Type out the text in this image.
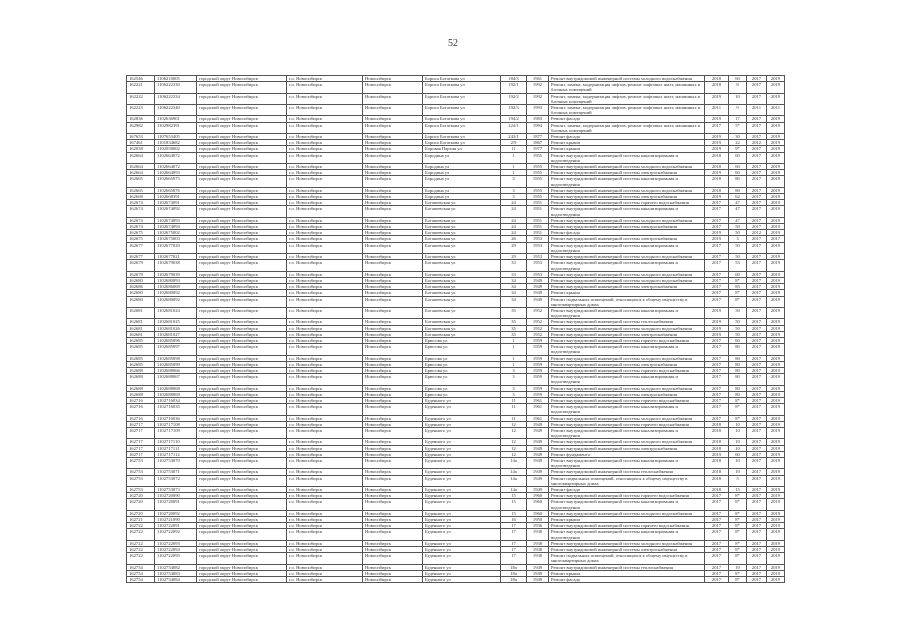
52
162546	1106210005	городской округ Новосибирск	г.о. Новосибирск	Новосибирск	Бориса Богаткова ул	184/3	1961	Ремонт внутридомовой инженерной системы холодного водоснабжения	2018	60	2017	2019
162221	1106222330	городской округ Новосибирск	г.о. Новосибирск	Новосибирск	Бориса Богаткова ул	192/1	1992	Ремонт, замена, модернизация лифтов, ремонт лифтовых шахт, машинных и блочных помещений	2018	8	2017	2019
162222	1106222334	городской округ Новосибирск	г.о. Новосибирск	Новосибирск	Бориса Богаткова ул	192/2	1992	Ремонт, замена, модернизация лифтов, ремонт лифтовых шахт, машинных и блочных помещений	2019	10	2017	2019
162223	1106222340	городской округ Новосибирск	г.о. Новосибирск	Новосибирск	Бориса Богаткова ул	192/3	1993	Ремонт, замена, модернизация лифтов, ремонт лифтовых шахт, машинных и блочных помещений	2011	9	2011	2011
162836	1102636901	городской округ Новосибирск	г.о. Новосибирск	Новосибирск	Бориса Богаткова ул	194/2	1983	Ремонт фасада	2019	17	2017	2019
162982	1102982391	городской округ Новосибирск	г.о. Новосибирск	Новосибирск	Бориса Богаткова ул	224/1	1994	Ремонт, замена, модернизация лифтов, ремонт лифтовых шахт, машинных и блочных помещений	2017	5*	2017	2019
167653	1107653405	городской округ Новосибирск	г.о. Новосибирск	Новосибирск	Бориса Богаткова ул	243/1	1877	Ремонт фасада	2019	30	2017	2019
167461	1101834682	городской округ Новосибирск	г.о. Новосибирск	Новосибирск	Бориса Богаткова ул	2/9	1867	Ремонт крыши	2019	22	2012	2019
162058	1102058002	городской округ Новосибирск	г.о. Новосибирск	Новосибирск	Боровая Партия ул	11	1977	Ремонт крыши	2019	9*	2017	2019
162664	1102664072	городской округ Новосибирск	г.о. Новосибирск	Новосибирск	Бородина ул	1	1955	Ремонт внутридомовой инженерной системы канализирования и водоотведения	2018	60	2017	2019
162664	1102664072	городской округ Новосибирск	г.о. Новосибирск	Новосибирск	Бородина ул	1	1955	Ремонт внутридомовой инженерной системы холодного водоснабжения	2018	60	2017	2019
162664	1102664093	городской округ Новосибирск	г.о. Новосибирск	Новосибирск	Бородина ул	1	1955	Ремонт внутридомовой инженерной системы электроснабжения	2019	60	2017	2019
162665	1102665075	городской округ Новосибирск	г.о. Новосибирск	Новосибирск	Бородина ул	3	1955	Ремонт внутридомовой инженерной системы канализирования и водоотведения	2018	80	2017	2019
162665	1102665076	городской округ Новосибирск	г.о. Новосибирск	Новосибирск	Бородина ул	3	1955	Ремонт внутридомовой инженерной системы холодного водоснабжения	2018	80	2017	2019
162668	1102668391	городской округ Новосибирск	г.о. Новосибирск	Новосибирск	Бородина ул	3	1955	Ремонт внутридомовой инженерной системы электроснабжения	2019	62	2017	2019
162674	1102674091	городской округ Новосибирск	г.о. Новосибирск	Новосибирск	Богашевская ул	24	1951	Ремонт внутридомовой инженерной системы горячего водоснабжения	2017	47	2017	2019
162674	1102674092	городской округ Новосибирск	г.о. Новосибирск	Новосибирск	Богашевская ул	24	1951	Ремонт внутридомовой инженерной системы канализирования и водоотведения	2017	47	2017	2019
162674	1102674093	городской округ Новосибирск	г.о. Новосибирск	Новосибирск	Богашевская ул	24	1951	Ремонт внутридомовой инженерной системы холодного водоснабжения	2017	47	2017	2019
162674	1102674094	городской округ Новосибирск	г.о. Новосибирск	Новосибирск	Богашевская ул	24	1951	Ремонт внутридомовой инженерной системы электроснабжения	2017	50	2017	2019
162675	1102675002	городской округ Новосибирск	г.о. Новосибирск	Новосибирск	Богашевская ул	24	1951	Ремонт фасада	2019	50	2012	2019
162675	1102675003	городской округ Новосибирск	г.о. Новосибирск	Новосибирск	Богашевская ул	26	1953	Ремонт внутридомовой инженерной системы электроснабжения	2019	3	2017	2017
162677	1102677020	городской округ Новосибирск	г.о. Новосибирск	Новосибирск	Богашевская ул	29	1953	Ремонт внутридомовой инженерной системы канализирования и водоотведения	2017	50	2017	2019
162677	1102677021	городской округ Новосибирск	г.о. Новосибирск	Новосибирск	Богашевская ул	29	1953	Ремонт внутридомовой инженерной системы холодного водоснабжения	2017	50	2017	2019
162679	1102679038	городской округ Новосибирск	г.о. Новосибирск	Новосибирск	Богашевская ул	33	1953	Ремонт внутридомовой инженерной системы канализирования и водоотведения	2017	53	2017	2019
162679	1102679039	городской округ Новосибирск	г.о. Новосибирск	Новосибирск	Богашевская ул	33	1953	Ремонт внутридомовой инженерной системы холодного водоснабжения	2017	60	2017	2019
162680	1102680093	городской округ Новосибирск	г.о. Новосибирск	Новосибирск	Богашевская ул	34	1949	Ремонт внутридомовой инженерной системы холодного водоснабжения	2017	8*	2017	2019
162686	1102686069	городской округ Новосибирск	г.о. Новосибирск	Новосибирск	Богашевская ул	34	1949	Ремонт внутридомовой инженерной системы электроснабжения	2017	85	2017	2019
162680	1102680092	городской округ Новосибирск	г.о. Новосибирск	Новосибирск	Богашевская ул	34	1949	Ремонт крыши	2017	8*	2017	2019
162680	1102680092	городской округ Новосибирск	г.о. Новосибирск	Новосибирск	Богашевская ул	34	1949	Ремонт подвальных помещений, относящихся к общему имуществу в многоквартирных домах	2017	8*	2017	2019
162681	1102681024	городской округ Новосибирск	г.о. Новосибирск	Новосибирск	Богашевская ул	35	1952	Ремонт внутридомовой инженерной системы канализирования и водоотведения	2019	50	2017	2019
162681	1102681025	городской округ Новосибирск	г.о. Новосибирск	Новосибирск	Богашевская ул	35	1952	Ремонт внутридомовой инженерной системы теплоснабжения	2019	50	2017	2019
162681	1102681026	городской округ Новосибирск	г.о. Новосибирск	Новосибирск	Богашевская ул	35	1952	Ремонт внутридомовой инженерной системы холодного водоснабжения	2019	50	2017	2019
162681	1102681027	городской округ Новосибирск	г.о. Новосибирск	Новосибирск	Богашевская ул	35	1952	Ремонт внутридомовой инженерной системы электроснабжения	2019	50	2017	2019
162685	1102685096	городской округ Новосибирск	г.о. Новосибирск	Новосибирск	Брюсова ул	1	1959	Ремонт внутридомовой инженерной системы горячего водоснабжения	2017	60	2017	2019
162685	1102685097	городской округ Новосибирск	г.о. Новосибирск	Новосибирск	Брюсова ул	1	1959	Ремонт внутридомовой инженерной системы канализирования и водоотведения	2017	80	2017	2019
162685	1102685098	городской округ Новосибирск	г.о. Новосибирск	Новосибирск	Брюсова ул	1	1959	Ремонт внутридомовой инженерной системы холодного водоснабжения	2017	80	2017	2019
162685	1102685099	городской округ Новосибирск	г.о. Новосибирск	Новосибирск	Брюсова ул	1	1959	Ремонт внутридомовой инженерной системы электроснабжения	2017	80	2017	2019
162688	1102688066	городской округ Новосибирск	г.о. Новосибирск	Новосибирск	Брюсова ул	3	1959	Ремонт внутридомовой инженерной системы горячего водоснабжения	2017	80	2017	2019
162688	1102688067	городской округ Новосибирск	г.о. Новосибирск	Новосибирск	Брюсова ул	3	1959	Ремонт внутридомовой инженерной системы канализирования и водоотведения	2017	80	2017	2019
162688	1102688068	городской округ Новосибирск	г.о. Новосибирск	Новосибирск	Брюсова ул	3	1959	Ремонт внутридомовой инженерной системы холодного водоснабжения	2017	80	2017	2019
162688	1102688069	городской округ Новосибирск	г.о. Новосибирск	Новосибирск	Брюсова ул	3	1959	Ремонт внутридомовой инженерной системы электроснабжения	2017	80	2017	2019
162716	1102716034	городской округ Новосибирск	г.о. Новосибирск	Новосибирск	Буденного ул	11	1961	Ремонт внутридомовой инженерной системы горячего водоснабжения	2017	8*	2017	2019
162716	1102716035	городской округ Новосибирск	г.о. Новосибирск	Новосибирск	Буденного ул	11	1961	Ремонт внутридомовой инженерной системы канализирования и водоотведения	2017	8*	2017	2019
162716	1102716036	городской округ Новосибирск	г.о. Новосибирск	Новосибирск	Буденного ул	11	1961	Ремонт внутридомовой инженерной системы холодного водоснабжения	2017	8*	2017	2019
162717	1102717108	городской округ Новосибирск	г.о. Новосибирск	Новосибирск	Буденного ул	12	1949	Ремонт внутридомовой инженерной системы горячего водоснабжения	2018	10	2017	2019
162717	1102717109	городской округ Новосибирск	г.о. Новосибирск	Новосибирск	Буденного ул	12	1949	Ремонт внутридомовой инженерной системы канализирования и водоотведения	2018	10	2017	2019
162717	1102717110	городской округ Новосибирск	г.о. Новосибирск	Новосибирск	Буденного ул	12	1949	Ремонт внутридомовой инженерной системы холодного водоснабжения	2018	10	2017	2019
162717	1102717111	городской округ Новосибирск	г.о. Новосибирск	Новосибирск	Буденного ул	12	1949	Ремонт внутридомовой инженерной системы электроснабжения	2018	10	2017	2019
162717	1102717112	городской округ Новосибирск	г.о. Новосибирск	Новосибирск	Буденного ул	12	1949	Ремонт фундамента	2019	60	2017	2019
162753	1102753070	городской округ Новосибирск	г.о. Новосибирск	Новосибирск	Буденного ул	14а	1949	Ремонт внутридомовой инженерной системы канализирования и водоотведения	2018	10	2017	2019
162753	1102753071	городской округ Новосибирск	г.о. Новосибирск	Новосибирск	Буденного ул	14а	1949	Ремонт внутридомовой инженерной системы теплоснабжения	2018	10	2017	2019
162753	1102753072	городской округ Новосибирск	г.о. Новосибирск	Новосибирск	Буденного ул	14а	1949	Ремонт подвальных помещений, относящихся к общему имуществу в многоквартирных домах	2018	5	2017	2019
162753	1102753073	городской округ Новосибирск	г.о. Новосибирск	Новосибирск	Буденного ул	14а	1949	Ремонт фасада	2018	15	2017	2019
162720	1102720090	городской округ Новосибирск	г.о. Новосибирск	Новосибирск	Буденного ул	15	1960	Ремонт внутридомовой инженерной системы горячего водоснабжения	2017	8*	2017	2019
162720	1102720091	городской округ Новосибирск	г.о. Новосибирск	Новосибирск	Буденного ул	15	1960	Ремонт внутридомовой инженерной системы канализирования и водоотведения	2017	8*	2017	2019
162720	1102720092	городской округ Новосибирск	г.о. Новосибирск	Новосибирск	Буденного ул	15	1960	Ремонт внутридомовой инженерной системы холодного водоснабжения	2017	8*	2017	2019
162721	1102721090	городской округ Новосибирск	г.о. Новосибирск	Новосибирск	Буденного ул	16	1950	Ремонт крыши	2017	8*	2017	2019
162722	1102722091	городской округ Новосибирск	г.о. Новосибирск	Новосибирск	Буденного ул	17	1936	Ремонт внутридомовой инженерной системы горячего водоснабжения	2017	8*	2017	2019
162722	1102722092	городской округ Новосибирск	г.о. Новосибирск	Новосибирск	Буденного ул	17	1938	Ремонт внутридомовой инженерной системы канализирования и водоотведения	2017	8*	2017	2019
162722	1102722093	городской округ Новосибирск	г.о. Новосибирск	Новосибирск	Буденного ул	17	1938	Ремонт внутридомовой инженерной системы холодного водоснабжения	2017	8*	2017	2019
162722	1102722094	городской округ Новосибирск	г.о. Новосибирск	Новосибирск	Буденного ул	17	1938	Ремонт внутридомовой инженерной системы электроснабжения	2017	8*	2017	2019
162722	1102722095	городской округ Новосибирск	г.о. Новосибирск	Новосибирск	Буденного ул	17	1938	Ремонт подвальных помещений, относящихся к общему имуществу в многоквартирных домах	2017	8*	2017	2019
162754	1102754082	городской округ Новосибирск	г.о. Новосибирск	Новосибирск	Буденного ул	18а	1949	Ремонт внутридомовой инженерной системы теплоснабжения	2017	10	2017	2019
162754	1102754083	городской округ Новосибирск	г.о. Новосибирск	Новосибирск	Буденного ул	18а	1949	Ремонт крыши	2017	8*	2017	2019
162754	1102754084	городской округ Новосибирск	г.о. Новосибирск	Новосибирск	Буденного ул	18а	1949	Ремонт фасада	2017	8*	2017	2019
